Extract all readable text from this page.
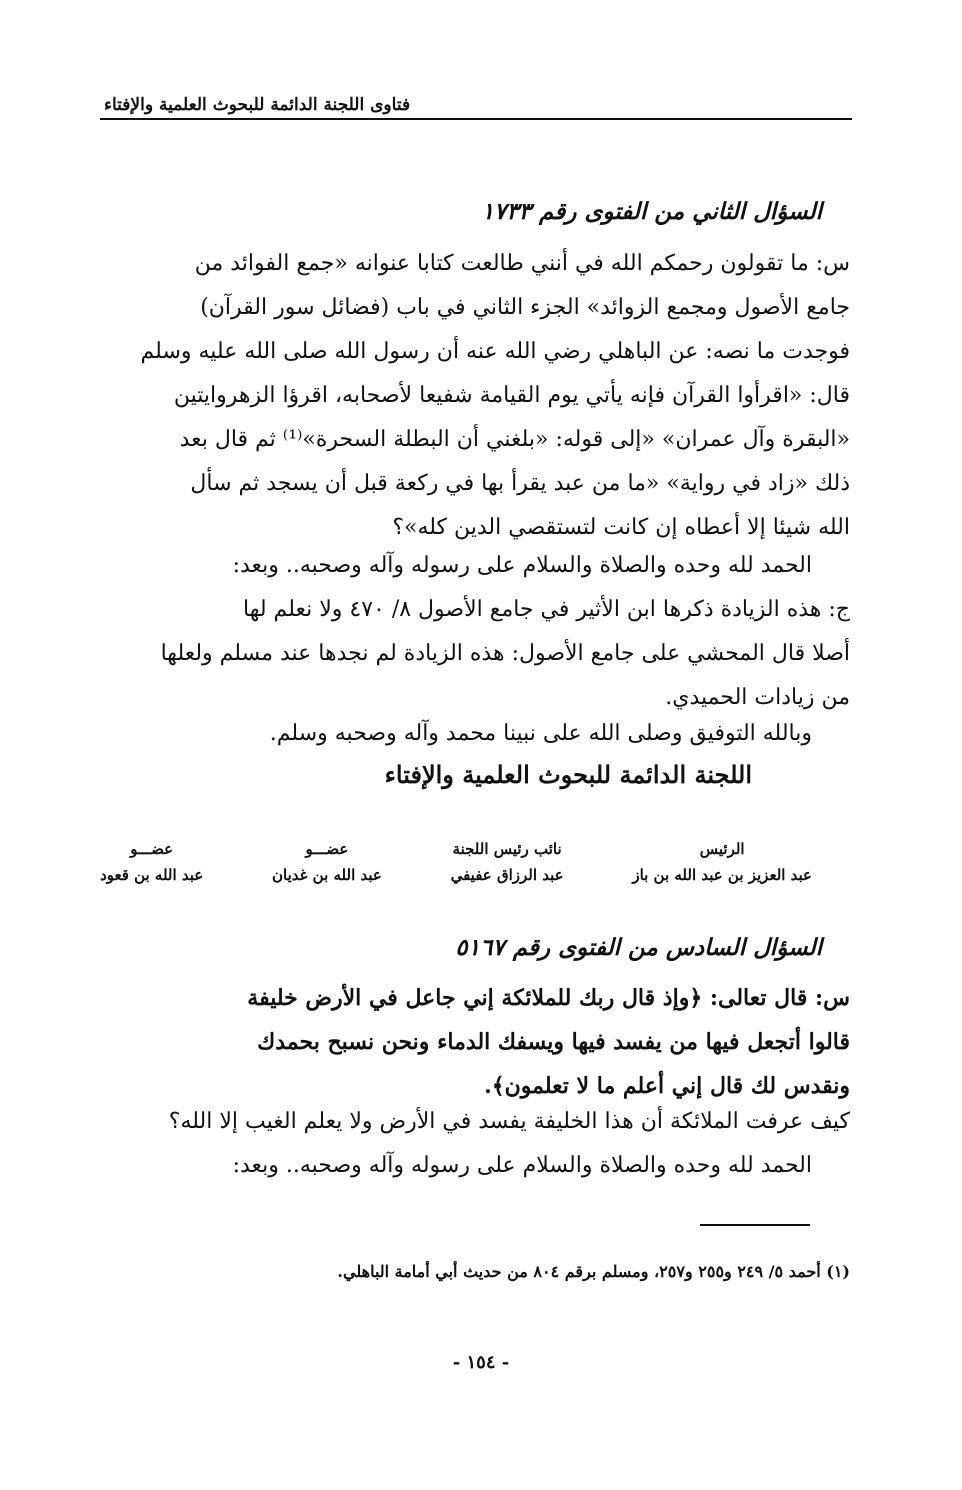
فتاوى اللجنة الدائمة للبحوث العلمية والإفتاء
السؤال الثاني من الفتوى رقم ١٧٣٣
س: ما تقولون رحمكم الله في أنني طالعت كتابا عنوانه «جمع الفوائد من
جامع الأصول ومجمع الزوائد» الجزء الثاني في باب (فضائل سور القرآن)
فوجدت ما نصه: عن الباهلي رضي الله عنه أن رسول الله صلى الله عليه وسلم
قال: «اقرأوا القرآن فإنه يأتي يوم القيامة شفيعا لأصحابه، اقرؤا الزهروايتين
«البقرة وآل عمران» «إلى قوله: «بلغني أن البطلة السحرة»⁽¹⁾ ثم قال بعد
ذلك «زاد في رواية» «ما من عبد يقرأ بها في ركعة قبل أن يسجد ثم سأل
الله شيئا إلا أعطاه إن كانت لتستقصي الدين كله»؟
الحمد لله وحده والصلاة والسلام على رسوله وآله وصحبه.. وبعد:
ج: هذه الزيادة ذكرها ابن الأثير في جامع الأصول ٨/ ٤٧٠ ولا نعلم لها
أصلا قال المحشي على جامع الأصول: هذه الزيادة لم نجدها عند مسلم ولعلها
من زيادات الحميدي.
وبالله التوفيق وصلى الله على نبينا محمد وآله وصحبه وسلم.
اللجنة الدائمة للبحوث العلمية والإفتاء
عضـــو
عبد الله بن قعود
عضـــو
عبد الله بن غديان
نائب رئيس اللجنة
عبد الرزاق عفيفي
الرئيس
عبد العزيز بن عبد الله بن باز
السؤال السادس من الفتوى رقم ٥١٦٧
س: قال تعالى: ﴿وإذ قال ربك للملائكة إني جاعل في الأرض خليفة
قالوا أتجعل فيها من يفسد فيها ويسفك الدماء ونحن نسبح بحمدك
ونقدس لك قال إني أعلم ما لا تعلمون﴾.
كيف عرفت الملائكة أن هذا الخليفة يفسد في الأرض ولا يعلم الغيب إلا الله؟
الحمد لله وحده والصلاة والسلام على رسوله وآله وصحبه.. وبعد:
(١) أحمد ٥/ ٢٤٩ و٢٥٥ و٢٥٧، ومسلم برقم ٨٠٤ من حديث أبي أمامة الباهلي.
- ١٥٤ -
